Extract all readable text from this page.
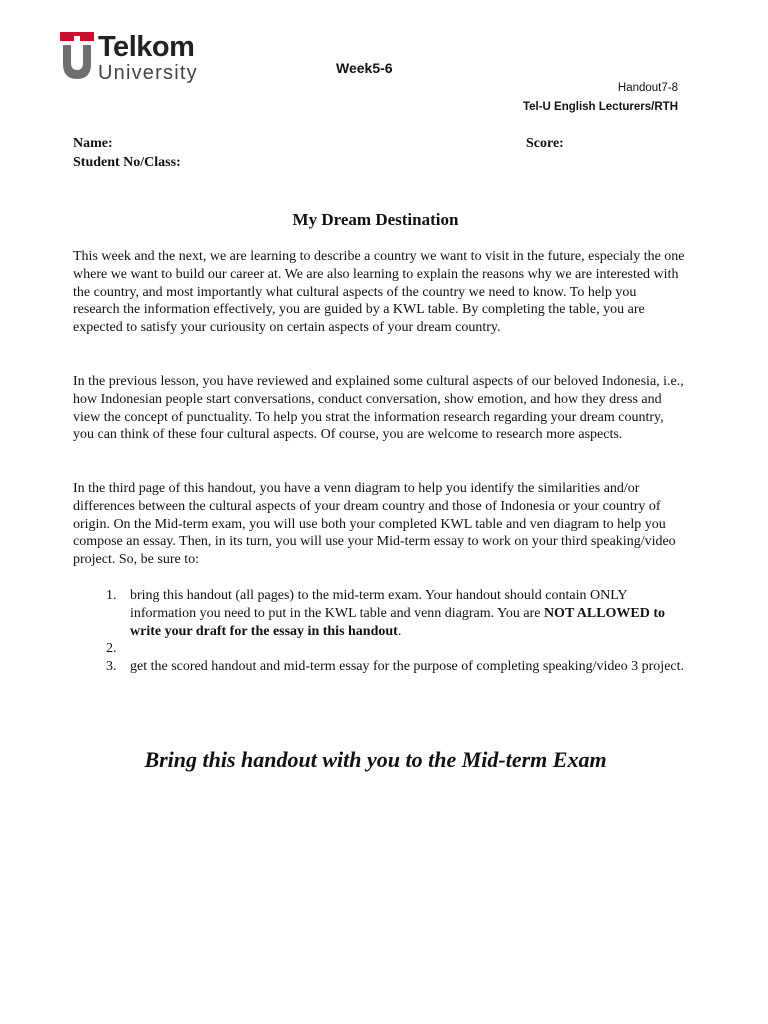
Telkom
University	Week5-6
Handout7-8
Tel-U English Lecturers/RTH
Name:	Score:
Student No/Class:
My Dream Destination

This week and the next, we are learning to describe a country we want to visit in the future, especialy the one where we want to build our career at. We are also learning to explain the reasons why we are interested with the country, and most importantly what cultural aspects of the country we need to know. To help you research the information effectively, you are guided by a KWL table. By completing the table, you are expected to satisfy your curiousity on certain aspects of your dream country.

In the previous lesson, you have reviewed and explained some cultural aspects of our beloved Indonesia, i.e., how Indonesian people start conversations, conduct conversation, show emotion, and how they dress and view the concept of punctuality. To help you strat the information research regarding your dream country, you can think of these four cultural aspects. Of course, you are welcome to research more aspects.

In the third page of this handout, you have a venn diagram to help you identify the similarities and/or differences between the cultural aspects of your dream country and those of Indonesia or your country of origin. On the Mid-term exam, you will use both your completed KWL table and ven diagram to help you compose an essay. Then, in its turn, you will use your Mid-term essay to work on your third speaking/video project. So, be sure to:

1. bring this handout (all pages) to the mid-term exam. Your handout should contain ONLY information you need to put in the KWL table and venn diagram. You are NOT ALLOWED to write your draft for the essay in this handout.
2.
3. get the scored handout and mid-term essay for the purpose of completing speaking/video 3 project.
Bring this handout with you to the Mid-term Exam
